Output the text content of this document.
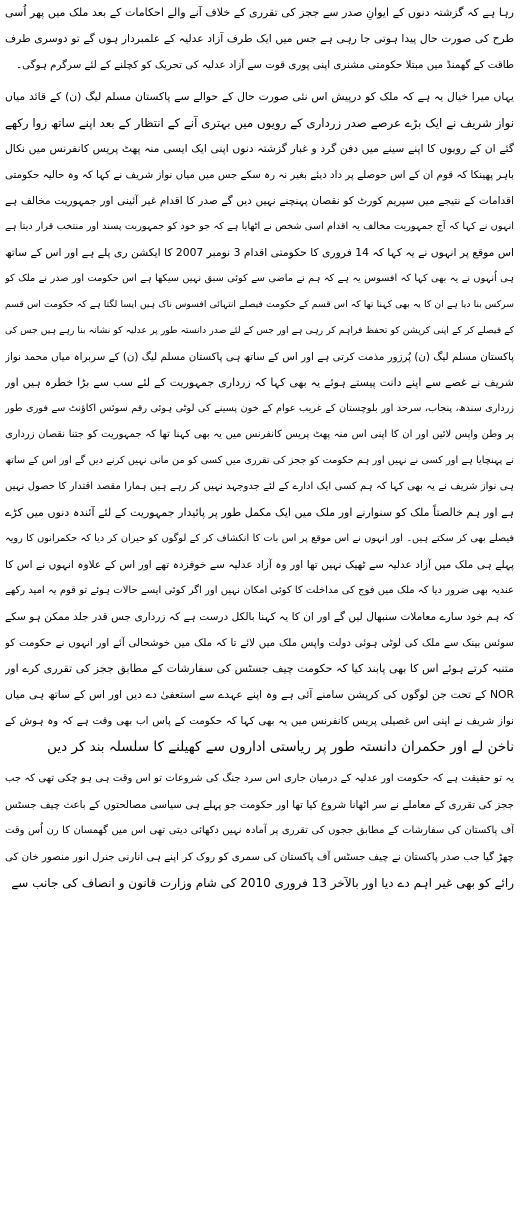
رہا ہے کہ گزشتہ دنوں کے ایوانِ صدر سے ججز کی تقرری کے خلاف آنے والے احکامات کے بعد ملک میں پھر اُسی
طرح کی صورت حال پیدا ہوتی جا رہی ہے جس میں ایک طرف آزاد عدلیہ کے علمبردار ہوں گے تو دوسری طرف
طاقت کے گھمنڈ میں مبتلا حکومتی مشنری اپنی پوری قوت سے آزاد عدلیہ کی تحریک کو کچلنے کے لئے سرگرم ہوگی۔
یہاں میرا خیال یہ ہے کہ ملک کو درپیش اس نئی صورت حال کے حوالے سے پاکستان مسلم لیگ (ن) کے قائد میاں
نواز شریف نے ایک بڑے عرصے صدر زرداری کے رویوں میں بہتری آنے کے انتظار کے بعد اپنے ساتھ روا رکھے
گئے ان کے رویوں کا اپنے سینے میں دفن گرد و غبار گزشتہ دنوں اپنی ایک ایسی منہ پھٹ پریس کانفرنس میں نکال
باہر پھینکا کہ قوم ان کے اس حوصلے پر داد دیئے بغیر نہ رہ سکے جس میں میاں نواز شریف نے کہا کہ وہ حالیہ حکومتی
اقدامات کے نتیجے میں سپریم کورٹ کو نقصان پہنچنے نہیں دیں گے صدر کا اقدام غیر آئینی اور جمہوریت مخالف ہے
انہوں نے کہا کہ آج جمہوریت مخالف یہ اقدام اسی شخص نے اٹھایا ہے کہ جو خود کو جمہوریت پسند اور منتخب قرار دیتا ہے
اس موقع پر انہوں نے یہ کہا کہ 14 فروری کا حکومتی اقدام 3 نومبر 2007 کا ایکشن ری پلے ہے اور اس کے ساتھ
ہی اُنہوں نے یہ بھی کہا کہ افسوس یہ ہے کہ ہم نے ماضی سے کوئی سبق نہیں سیکھا ہے اس حکومت اور صدر نے ملک کو
سرکس بنا دیا ہے ان کا یہ بھی کہنا تھا کہ اس قسم کے حکومت فیصلے انتہائی افسوس ناک ہیں ایسا لگتا ہے کہ حکومت اس قسم
کے فیصلے کر کے اپنی کرپشن کو تحفظ فراہم کر رہی ہے اور جس کے لئے صدر دانستہ طور پر عدلیہ کو نشانہ بنا رہے ہیں جس کی
پاکستان مسلم لیگ (ن) پُرزور مذمت کرتی ہے اور اس کے ساتھ ہی پاکستان مسلم لیگ (ن) کے سربراہ میاں محمد نواز
شریف نے غصے سے اپنے دانت پیستے ہوئے یہ بھی کہا کہ زرداری جمہوریت کے لئے سب سے بڑا خطرہ ہیں اور
زرداری سندھ، پنجاب، سرحد اور بلوچستان کے غریب عوام کے خون پسینے کی لوٹی ہوئی رقم سوئس اکاؤنٹ سے فوری طور
پر وطن واپس لائیں اور ان کا اپنی اس منہ پھٹ پریس کانفرنس میں یہ بھی کہنا تھا کہ جمہوریت کو جتنا نقصان زرداری
نے پہنچایا ہے اور کسی نے نہیں اور ہم حکومت کو ججز کی تقرری میں کسی کو من مانی نہیں کرنے دیں گے اور اس کے ساتھ
ہی نواز شریف نے یہ بھی کہا کہ ہم کسی ایک ادارے کے لئے جدوجہد نہیں کر رہے ہیں ہمارا مقصد اقتدار کا حصول نہیں
ہے اور ہم خالصتاً ملک کو سنوارنے اور ملک میں ایک مکمل طور پر پائیدار جمہوریت کے لئے آئندہ دنوں میں کڑے
فیصلے بھی کر سکتے ہیں۔ اور انہوں نے اس موقع پر اس بات کا انکشاف کر کے لوگوں کو حیران کر دیا کہ حکمرانوں کا رویہ
پہلے ہی ملک میں آزاد عدلیہ سے ٹھیک نہیں تھا اور وہ آزاد عدلیہ سے خوفزدہ تھے اور اس کے علاوہ انہوں نے اس کا
عندیہ بھی ضرور دیا کہ ملک میں فوج کی مداخلت کا کوئی امکان نہیں اور اگر کوئی ایسے حالات ہوئے تو قوم یہ امید رکھے
کہ ہم خود سارے معاملات سنبھال لیں گے اور ان کا یہ کہنا بالکل درست ہے کہ زرداری جس قدر جلد ممکن ہو سکے
سوئس بینک سے ملک کی لوٹی ہوئی دولت واپس ملک میں لائے تا کہ ملک میں خوشحالی آئے اور انہوں نے حکومت کو
متنبہ کرتے ہوئے اس کا بھی پابند کیا کہ حکومت چیف جسٹس کی سفارشات کے مطابق ججز کی تقرری کرے اور
NOR کے تحت جن لوگوں کی کرپشن سامنے آئی ہے وہ اپنے عہدے سے استعفیٰ دے دیں اور اس کے ساتھ ہی میاں
نواز شریف نے اپنی اس غصیلی پریس کانفرنس میں یہ بھی کہا کہ حکومت کے پاس اب بھی وقت ہے کہ وہ ہوش کے
ناخن لے اور حکمران دانستہ طور پر ریاستی اداروں سے کھیلنے کا سلسلہ بند کر دیں
یہ تو حقیقت ہے کہ حکومت اور عدلیہ کے درمیان جاری اس سرد جنگ کی شروعات تو اس وقت ہی ہو چکی تھی کہ جب
ججز کی تقرری کے معاملے نے سر اٹھانا شروع کیا تھا اور حکومت جو پہلے ہی سیاسی مصالحتوں کے باعث چیف جسٹس
آف پاکستان کی سفارشات کے مطابق ججوں کی تقرری پر آمادہ نہیں دکھائی دیتی تھی اس میں گھمسان کا رن اُس وقت
چھڑ گیا جب صدر پاکستان نے چیف جسٹس آف پاکستان کی سمری کو روک کر اپنے ہی انارنی جنرل انور منصور خان کی
رائے کو بھی غیر اہم دے دیا اور بالآخر 13 فروری 2010 کی شام وزارت قانون و انصاف کی جانب سے
